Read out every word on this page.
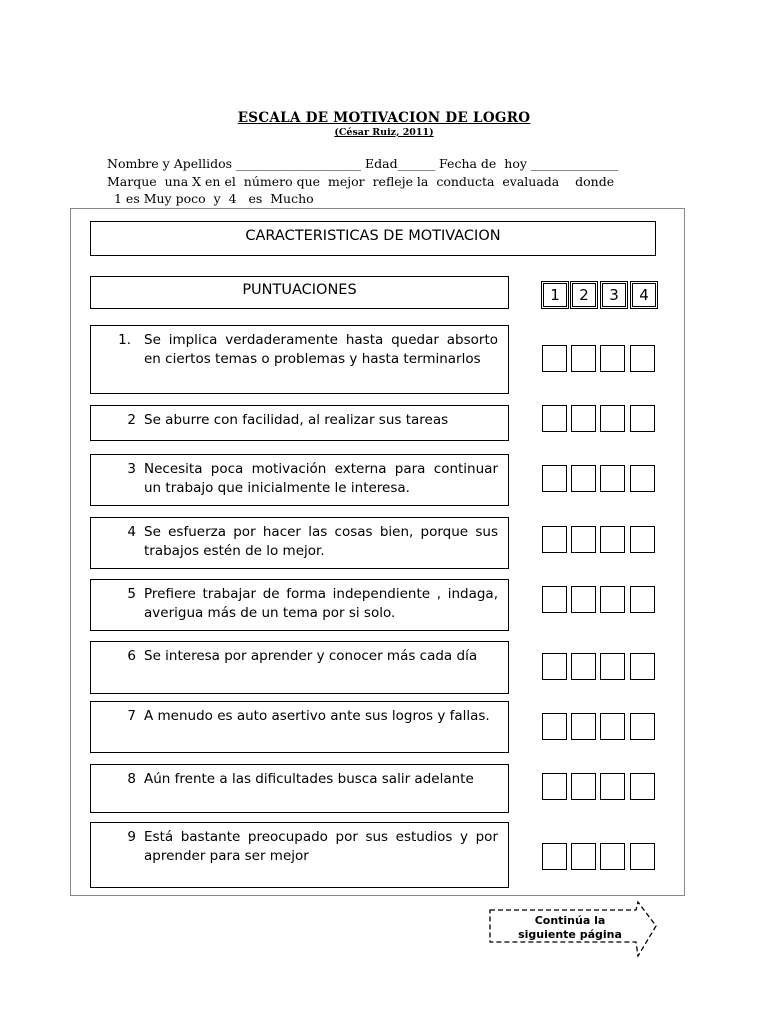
ESCALA DE MOTIVACION DE LOGRO
(César Ruiz, 2011)
Nombre y Apellidos ____________________ Edad______ Fecha de  hoy ______________
Marque  una X en el  número que  mejor  refleje la  conducta  evaluada    donde
1 es Muy poco  y  4   es  Mucho
CARACTERISTICAS DE MOTIVACION
PUNTUACIONES	1	2	3	4
1. Se implica verdaderamente hasta quedar absorto en ciertos temas o problemas y hasta terminarlos
2 Se aburre con facilidad, al realizar sus tareas
3 Necesita poca motivación externa para continuar un trabajo que inicialmente le interesa.
4 Se esfuerza por hacer las cosas bien, porque sus trabajos estén de lo mejor.
5 Prefiere trabajar de forma independiente , indaga, averigua más de un tema por si solo.
6 Se interesa por aprender y conocer más cada día
7 A menudo es auto asertivo ante sus logros y fallas.
8 Aún frente a las dificultades busca salir adelante
9 Está bastante preocupado por sus estudios y por aprender para ser mejor
Continúa la
siguiente página
